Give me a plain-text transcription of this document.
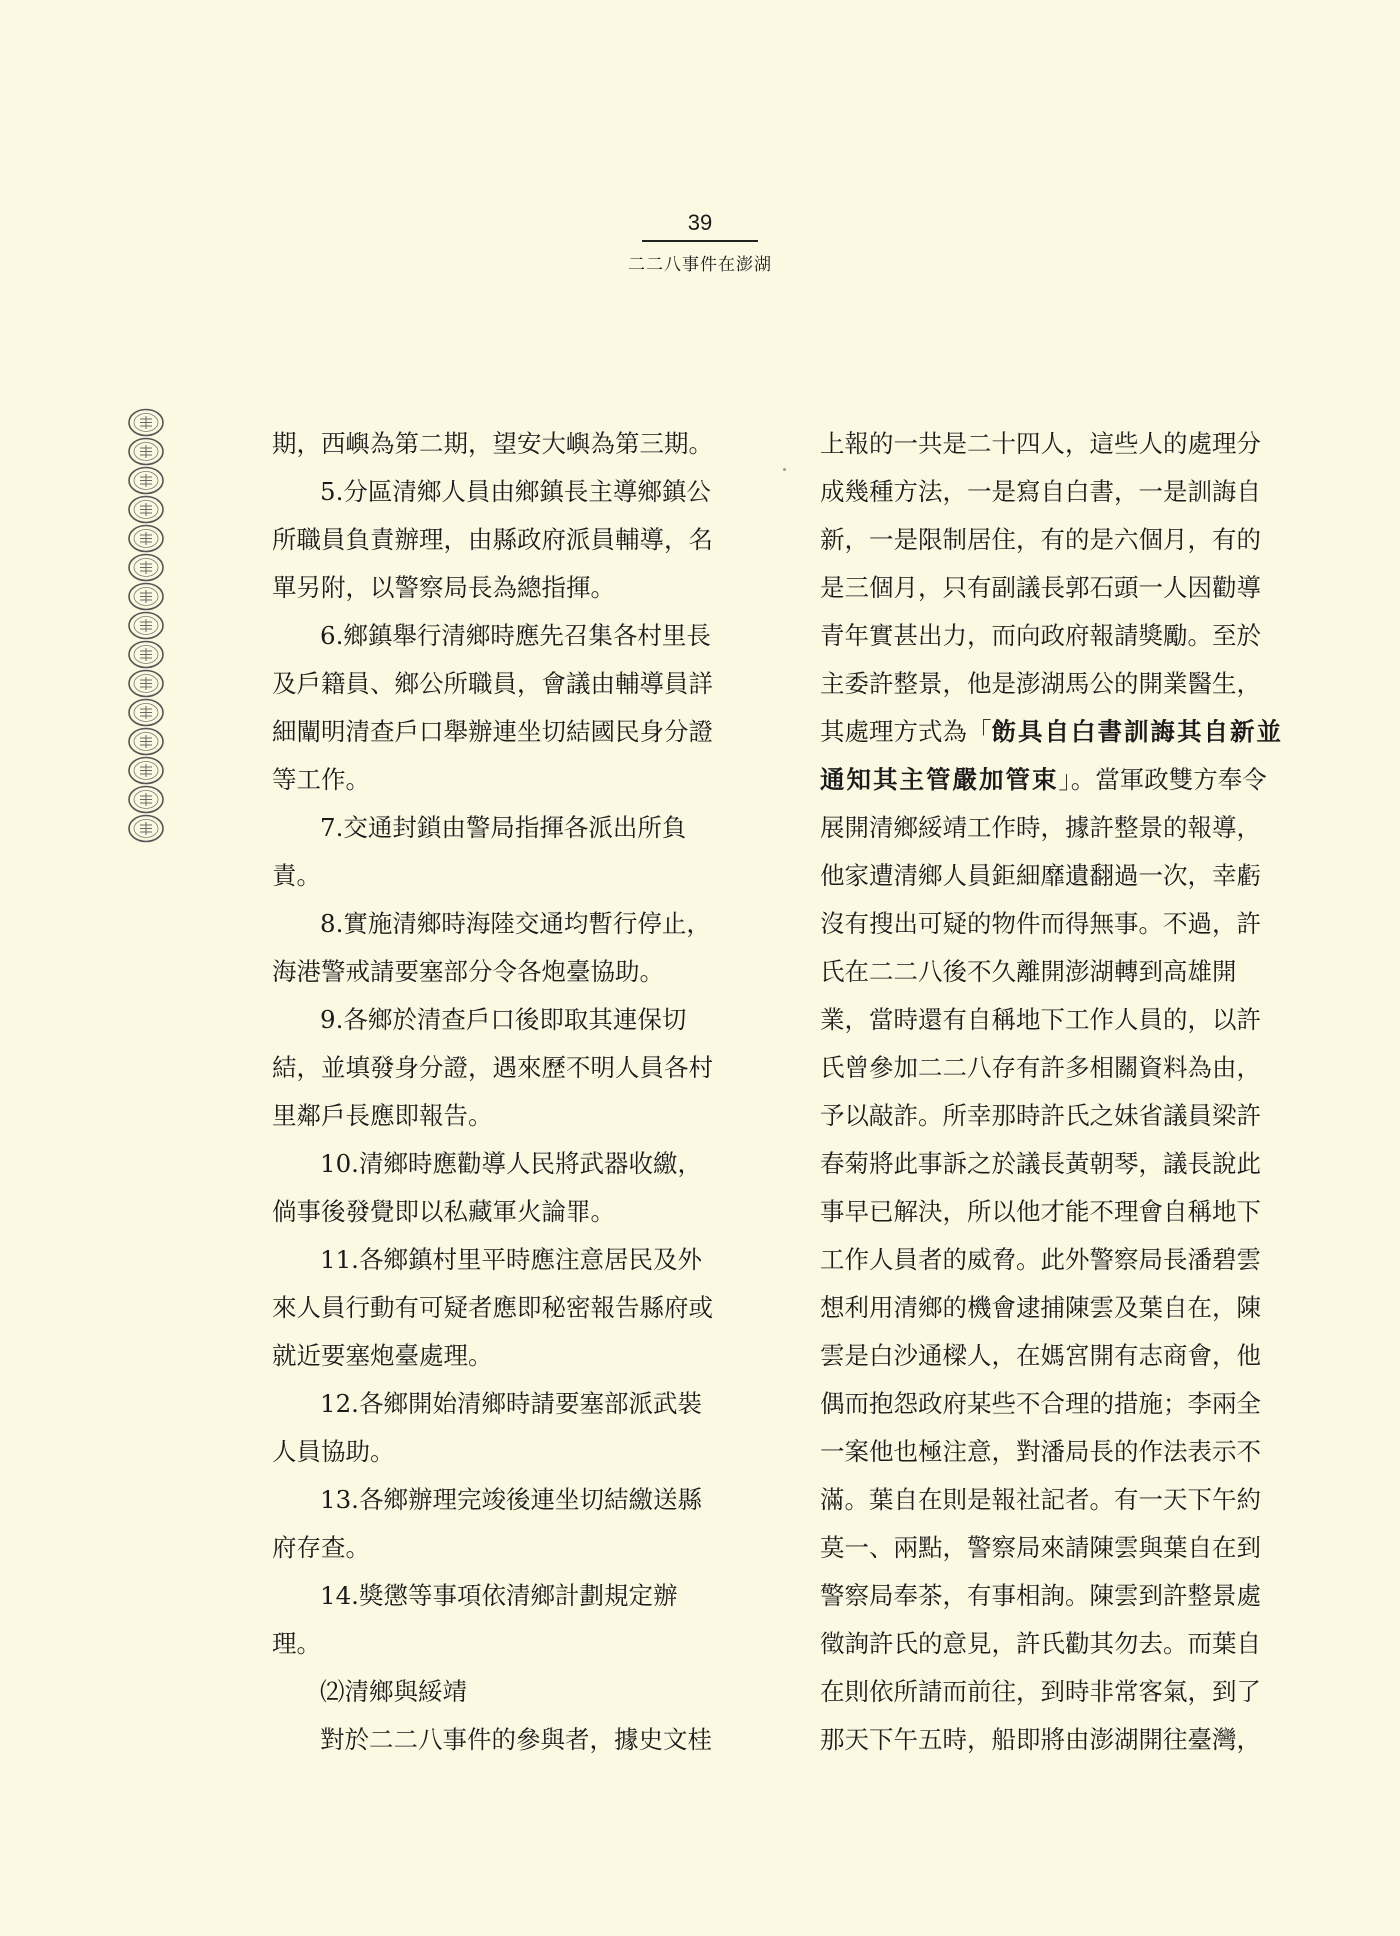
39
二二八事件在澎湖
期，西嶼為第二期，望安大嶼為第三期。
5.分區清鄉人員由鄉鎮長主導鄉鎮公
所職員負責辦理，由縣政府派員輔導，名
單另附，以警察局長為總指揮。
6.鄉鎮舉行清鄉時應先召集各村里長
及戶籍員、鄉公所職員，會議由輔導員詳
細闡明清查戶口舉辦連坐切結國民身分證
等工作。
7.交通封鎖由警局指揮各派出所負
責。
8.實施清鄉時海陸交通均暫行停止，
海港警戒請要塞部分令各炮臺協助。
9.各鄉於清查戶口後即取其連保切
結，並填發身分證，遇來歷不明人員各村
里鄰戶長應即報告。
10.清鄉時應勸導人民將武器收繳，
倘事後發覺即以私藏軍火論罪。
11.各鄉鎮村里平時應注意居民及外
來人員行動有可疑者應即秘密報告縣府或
就近要塞炮臺處理。
12.各鄉開始清鄉時請要塞部派武裝
人員協助。
13.各鄉辦理完竣後連坐切結繳送縣
府存查。
14.獎懲等事項依清鄉計劃規定辦
理。
⑵清鄉與綏靖
對於二二八事件的參與者，據史文桂
上報的一共是二十四人，這些人的處理分
成幾種方法，一是寫自白書，一是訓誨自
新，一是限制居住，有的是六個月，有的
是三個月，只有副議長郭石頭一人因勸導
青年實甚出力，而向政府報請獎勵。至於
主委許整景，他是澎湖馬公的開業醫生，
其處理方式為「飭具自白書訓誨其自新並
通知其主管嚴加管束」。當軍政雙方奉令
展開清鄉綏靖工作時，據許整景的報導，
他家遭清鄉人員鉅細靡遺翻過一次，幸虧
沒有搜出可疑的物件而得無事。不過，許
氏在二二八後不久離開澎湖轉到高雄開
業，當時還有自稱地下工作人員的，以許
氏曾參加二二八存有許多相關資料為由，
予以敲詐。所幸那時許氏之妹省議員梁許
春菊將此事訴之於議長黃朝琴，議長說此
事早已解決，所以他才能不理會自稱地下
工作人員者的威脅。此外警察局長潘碧雲
想利用清鄉的機會逮捕陳雲及葉自在，陳
雲是白沙通樑人，在媽宮開有志商會，他
偶而抱怨政府某些不合理的措施；李兩全
一案他也極注意，對潘局長的作法表示不
滿。葉自在則是報社記者。有一天下午約
莫一、兩點，警察局來請陳雲與葉自在到
警察局奉茶，有事相詢。陳雲到許整景處
徵詢許氏的意見，許氏勸其勿去。而葉自
在則依所請而前往，到時非常客氣，到了
那天下午五時，船即將由澎湖開往臺灣，
